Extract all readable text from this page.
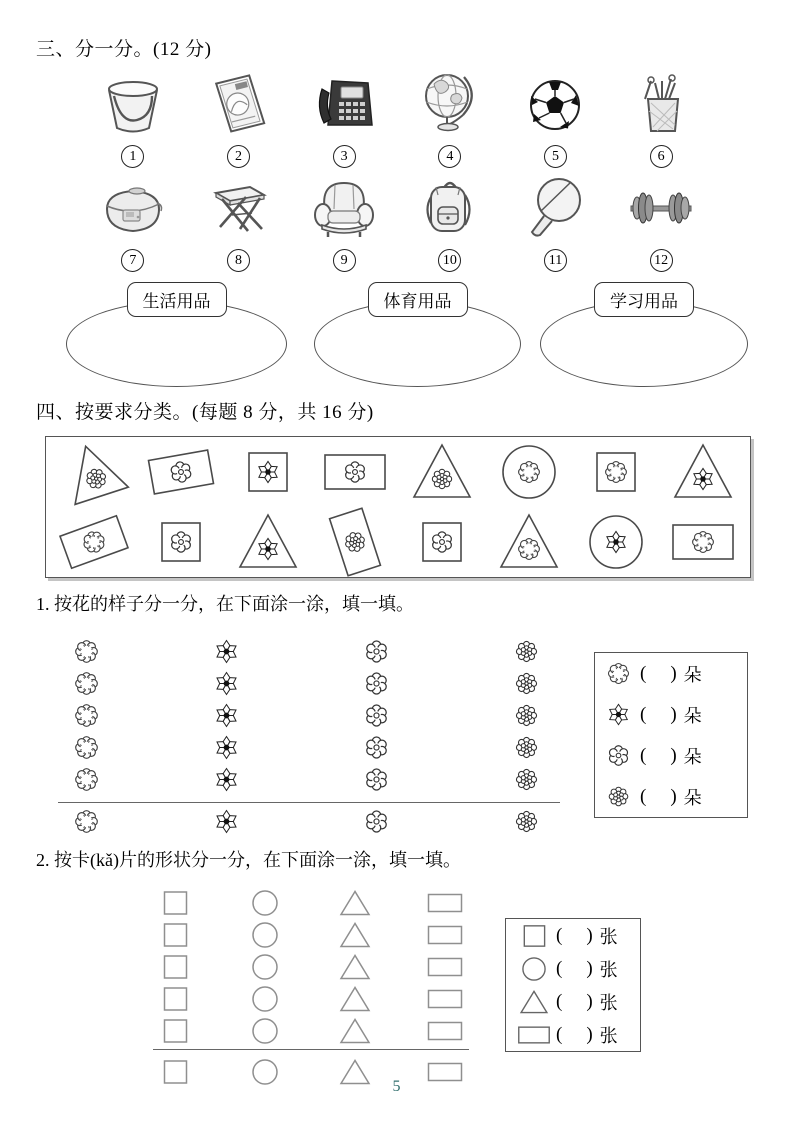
三、分一分。(12 分)
1	2	3	4	5	6
7	8	9	10	11	12
生活用品	体育用品	学习用品
四、按要求分类。(每题 8 分，共 16 分)
1. 按花的样子分一分，在下面涂一涂，填一填。
( ) 朵
( ) 朵
( ) 朵
( ) 朵
2. 按卡(kǎ)片的形状分一分，在下面涂一涂，填一填。
( ) 张
( ) 张
( ) 张
( ) 张
5
